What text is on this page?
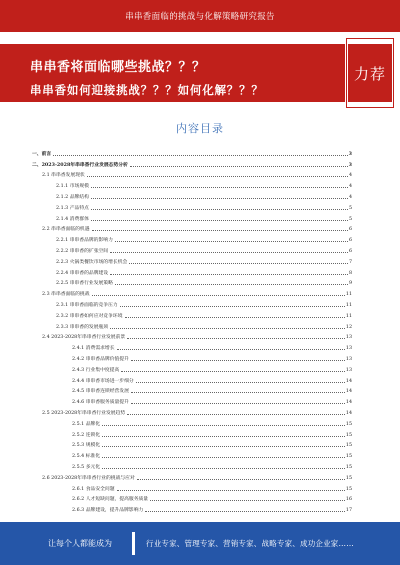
串串香面临的挑战与化解策略研究报告
串串香将面临哪些挑战？？？
串串香如何迎接挑战？？？如何化解？？？
力荐
内容目录
一、前言	3
二、2023-2028年串串香行业发展态势分析	3
2.1 串串香发展现状	4
2.1.1 市场规模	4
2.1.2 品牌结构	4
2.1.3 产品特点	5
2.1.4 消费群体	5
2.2 串串香面临的机遇	6
2.2.1 串串香品牌的影响力	6
2.2.2 串串香的扩张空间	6
2.2.3 火锅类餐饮市场的增长机会	7
2.2.4 串串香的品牌建设	8
2.2.5 串串香行业发展策略	9
2.3 串串香面临的挑战	11
2.3.1 串串香面临的竞争压力	11
2.3.2 串串香如何应对竞争环境	11
2.3.3 串串香的发展瓶颈	12
2.4 2023-2028年串串香行业发展前景	13
2.4.1 消费需求增长	13
2.4.2 串串香品牌价值提升	13
2.4.3 行业集中度提高	13
2.4.4 串串香市场进一步细分	14
2.4.5 串串香连锁经营发展	14
2.4.6 串串香服务质量提升	14
2.5 2023-2028年串串香行业发展趋势	14
2.5.1 品牌化	15
2.5.2 连锁化	15
2.5.3 规模化	15
2.5.4 标准化	15
2.5.5 多元化	15
2.6 2023-2028年串串香行业的挑战与应对	15
2.6.1 食品安全问题	15
2.6.2 人才短缺问题，提高服务质量	16
2.6.3 品牌建设，提升品牌影响力	17
让每个人都能成为	行业专家、管理专家、营销专家、战略专家、成功企业家……
